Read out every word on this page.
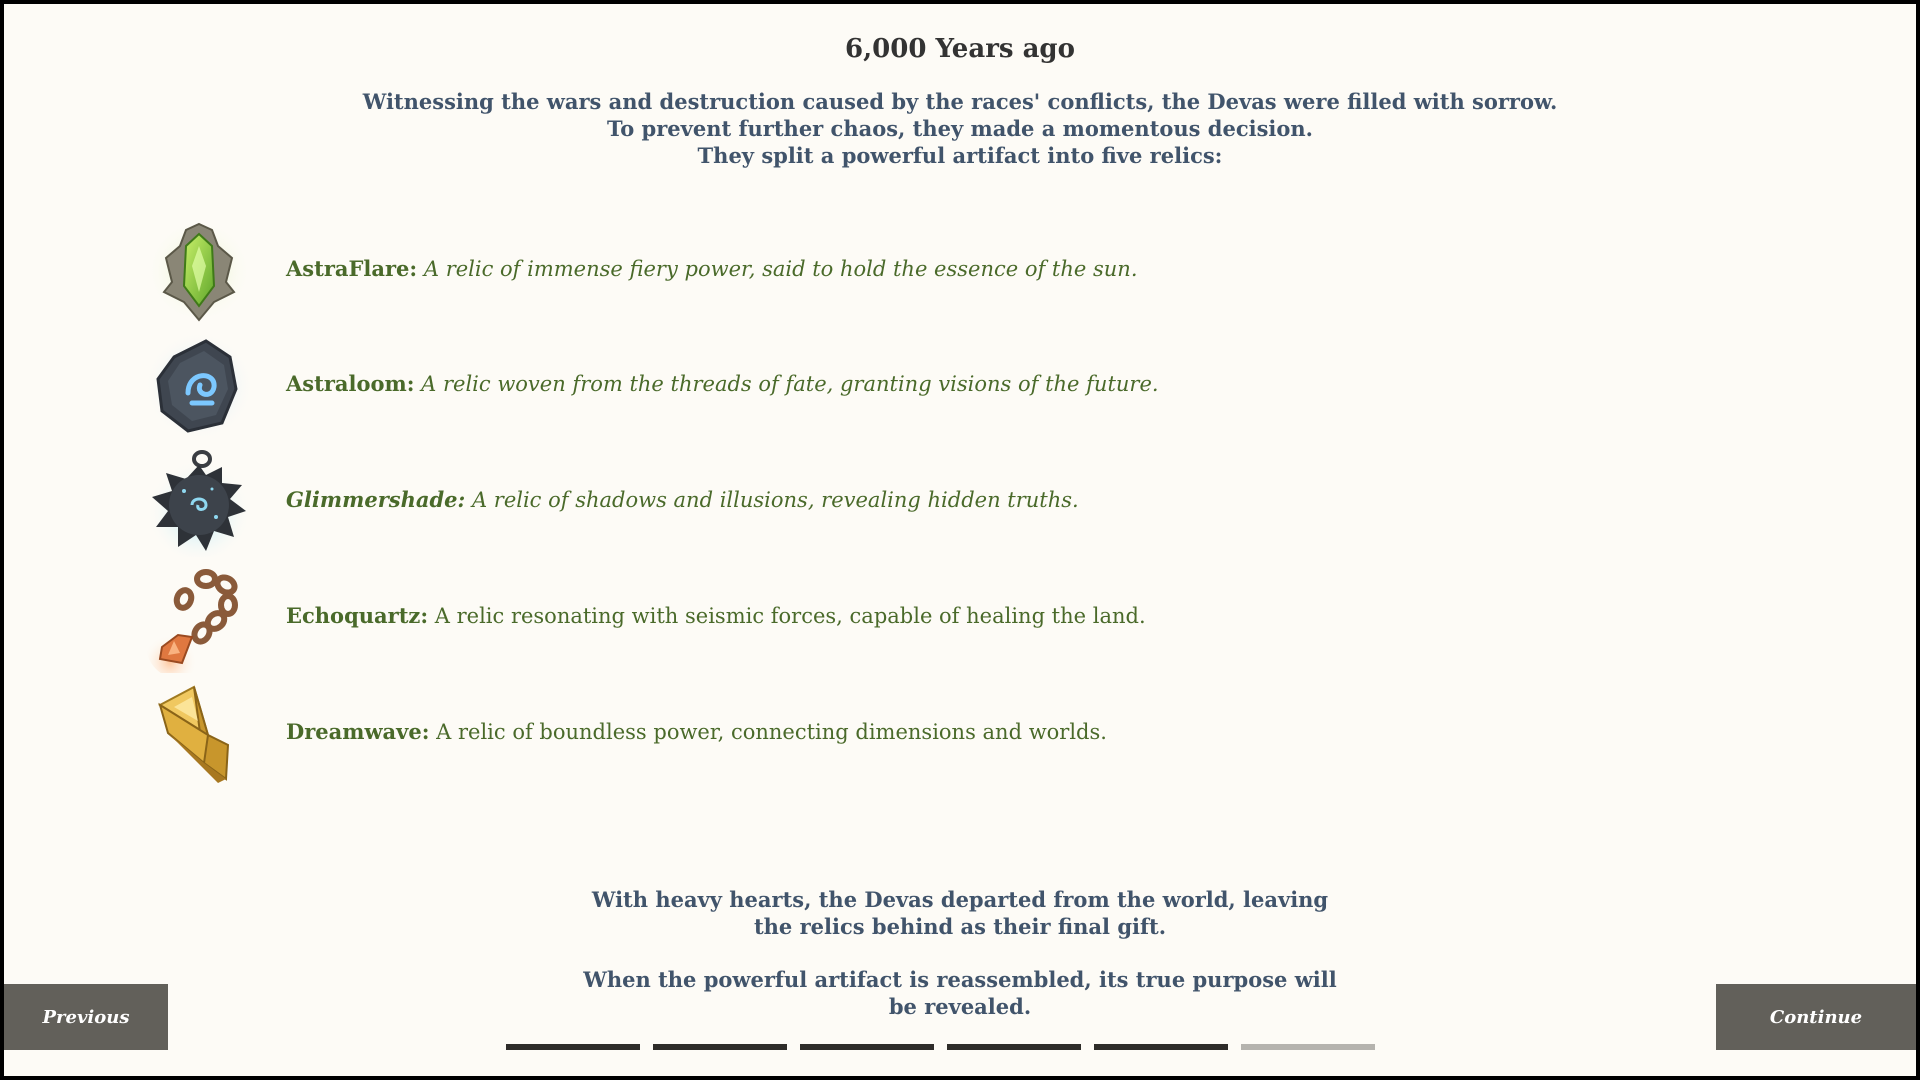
6,000 Years ago
Witnessing the wars and destruction caused by the races' conflicts, the Devas were filled with sorrow.
To prevent further chaos, they made a momentous decision.
They split a powerful artifact into five relics:
AstraFlare: A relic of immense fiery power, said to hold the essence of the sun.
Astraloom: A relic woven from the threads of fate, granting visions of the future.
Glimmershade: A relic of shadows and illusions, revealing hidden truths.
Echoquartz: A relic resonating with seismic forces, capable of healing the land.
Dreamwave: A relic of boundless power, connecting dimensions and worlds.
With heavy hearts, the Devas departed from the world, leaving
the relics behind as their final gift.
When the powerful artifact is reassembled, its true purpose will
be revealed.
Previous	Continue
